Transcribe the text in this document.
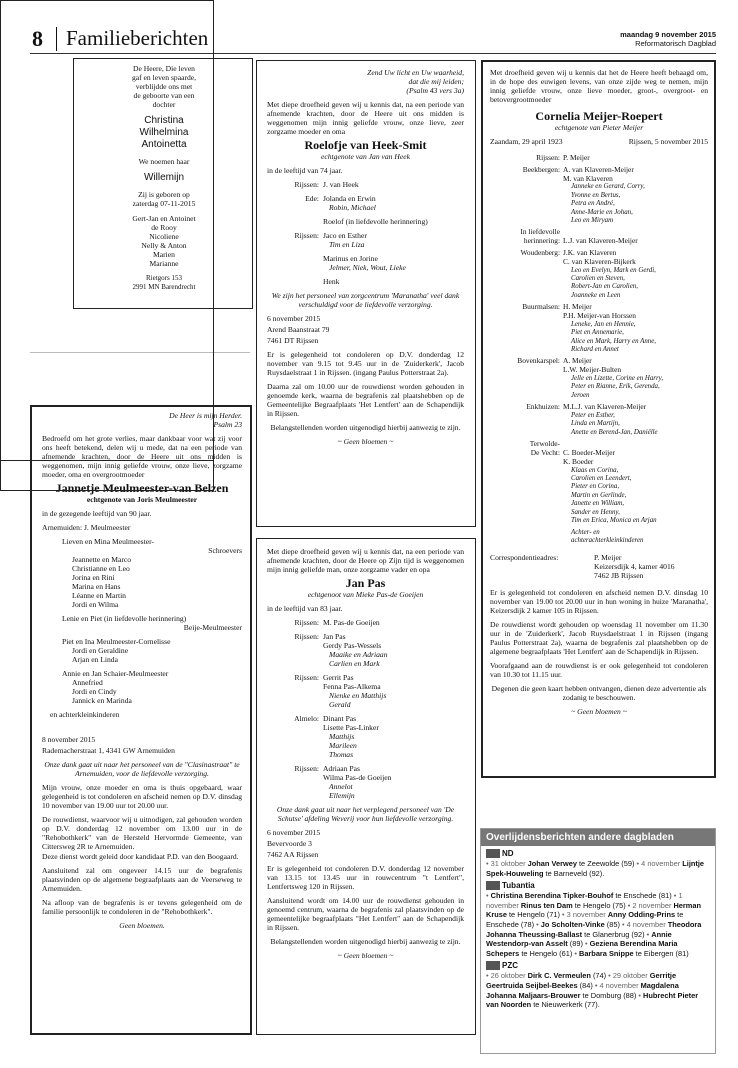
8 Familieberichten	maandag 9 november 2015
Reformatorisch Dagblad

De Heere, Die leven
gaf en leven spaarde,
verblijdde ons met
de geboorte van een
dochter

Christina
Wilhelmina
Antoinetta

We noemen haar

Willemijn

Zij is geboren op
zaterdag 07-11-2015

Gert-Jan en Antoinet
de Rooy
Nicoliene
Nelly & Anton
Marien
Marianne

Rietgors 153
2991 MN Barendrecht

De Heer is mijn Herder.
Psalm 23

Bedroefd om het grote verlies, maar dankbaar voor wat zij voor ons heeft betekend, delen wij u mede, dat na een periode van afnemende krachten, door de Heere uit ons midden is weggenomen, mijn innig geliefde vrouw, onze lieve, zorgzame moeder, oma en overgrootmoeder

Jannetje Meulmeester-van Belzen

echtgenote van Joris Meulmeester

in de gezegende leeftijd van 90 jaar.

Arnemuiden: J. Meulmeester

Lieven en Mina Meulmeester-
Schroevers
Jeannette en Marco
Christianne en Leo
Jorina en Rini
Marina en Hans
Léanne en Martin
Jordi en Wilma
Lenie en Piet (in liefdevolle herinnering)
Beije-Meulmeester
Piet en Ina Meulmeester-Cornelisse
Jordi en Geraldine
Arjan en Linda
Annie en Jan Schaier-Meulmeester
Annefried
Jordi en Cindy
Jannick en Marinda

en achterkleinkinderen

8 november 2015

Rademacherstraat 1, 4341 GW Arnemuiden

Onze dank gaat uit naar het personeel van de "Clasinastraat" te Arnemuiden, voor de liefdevolle verzorging.

Mijn vrouw, onze moeder en oma is thuis opgebaard, waar gelegenheid is tot condoleren en afscheid nemen op D.V. dinsdag 10 november van 19.00 uur tot 20.00 uur.

De rouwdienst, waarvoor wij u uitnodigen, zal gehouden worden op D.V. donderdag 12 november om 13.00 uur in de "Rehobothkerk" van de Hersteld Hervormde Gemeente, van Cittersweg 2R te Arnemuiden.

Deze dienst wordt geleid door kandidaat P.D. van den Boogaard.

Aansluitend zal om ongeveer 14.15 uur de begrafenis plaatsvinden op de algemene begraafplaats aan de Veerseweg te Arnemuiden.

Na afloop van de begrafenis is er tevens gelegenheid om de familie persoonlijk te condoleren in de "Rehobothkerk".

Geen bloemen.

Zend Uw licht en Uw waarheid,
dat die mij leiden;
(Psalm 43 vers 3a)

Met diepe droefheid geven wij u kennis dat, na een periode van afnemende krachten, door de Heere uit ons midden is weggenomen mijn innig geliefde vrouw, onze lieve, zeer zorgzame moeder en oma

Roelofje van Heek-Smit

echtgenote van Jan van Heek

in de leeftijd van 74 jaar.

Rijssen: J. van Heek
Ede: Jolanda en Erwin
Robin, Michael
Roelof (in liefdevolle herinnering)
Rijssen: Jaco en Esther
Tim en Liza
Marinus en Jorine
Jelmer, Niek, Wout, Lieke
Henk

We zijn het personeel van zorgcentrum 'Maranatha' veel dank verschuldigd voor de liefdevolle verzorging.

6 november 2015

Arend Baanstraat 79

7461 DT Rijssen

Er is gelegenheid tot condoleren op D.V. donderdag 12 november van 9.15 tot 9.45 uur in de 'Zuiderkerk', Jacob Ruysdaelstraat 1 in Rijssen. (ingang Paulus Potterstraat 2a).

Daarna zal om 10.00 uur de rouwdienst worden gehouden in genoemde kerk, waarna de begrafenis zal plaatshebben op de Gemeentelijke Begraafplaats 'Het Lentfert' aan de Schapendijk in Rijssen.

Belangstellenden worden uitgenodigd hierbij aanwezig te zijn.

~ Geen bloemen ~

Met diepe droefheid geven wij u kennis dat, na een periode van afnemende krachten, door de Heere op Zijn tijd is weggenomen mijn innig geliefde man, onze zorgzame vader en opa

Jan Pas

echtgenoot van Mieke Pas-de Goeijen

in de leeftijd van 83 jaar.

Rijssen: M. Pas-de Goeijen
Rijssen: Jan Pas
Gerdy Pas-Wessels
Maaike en Adriaan
Carlien en Mark
Rijssen: Gerrit Pas
Fenna Pas-Alkema
Nienke en Matthijs
Gerald
Almelo: Dinant Pas
Lisette Pas-Linker
Matthijs
Marileen
Thomas
Rijssen: Adriaan Pas
Wilma Pas-de Goeijen
Annelot
Ellemijn

Onze dank gaat uit naar het verplegend personeel van 'De Schutse' afdeling Weverij voor hun liefdevolle verzorging.

6 november 2015

Bevervoorde 3

7462 AA Rijssen

Er is gelegenheid tot condoleren D.V. donderdag 12 november van 13.15 tot 13.45 uur in rouwcentrum "t Lentfert", Lentfertsweg 120 in Rijssen.

Aansluitend wordt om 14.00 uur de rouwdienst gehouden in genoemd centrum, waarna de begrafenis zal plaatsvinden op de gemeentelijke begraafplaats "Het Lentfert" aan de Schapendijk in Rijssen.

Belangstellenden worden uitgenodigd hierbij aanwezig te zijn.

~ Geen bloemen ~

Met droefheid geven wij u kennis dat het de Heere heeft behaagd om, in de hope des euwigen levens, van onze zijde weg te nemen, mijn innig geliefde vrouw, onze lieve moeder, groot-, overgroot- en betovergrootmoeder

Cornelia Meijer-Roepert

echtgenote van Pieter Meijer

Zaandam, 29 april 1923	Rijssen, 5 november 2015

Rijssen: P. Meijer
Beekbergen: A. van Klaveren-Meijer
M. van Klaveren
Janneke en Gerard, Corry,
Yvonne en Bertus,
Petra en André,
Anne-Marie en Johan,
Leo en Miryam
In liefdevolle
herinnering: L.J. van Klaveren-Meijer
Woudenberg: J.K. van Klaveren
C. van Klaveren-Bijkerk
Leo en Evelyn, Mark en Gerdi,
Carolien en Steven,
Robert-Jan en Carolien,
Joanneke en Leen
Buurmalsen: H. Meijer
P.H. Meijer-van Horssen
Leneke, Jan en Hennie,
Piet en Annemarie,
Alice en Mark, Harry en Anne,
Richard en Annet
Bovenkarspel: A. Meijer
L.W. Meijer-Bulten
Jelle en Lizette, Corine en Harry,
Peter en Rianne, Erik, Gerenda,
Jeroen
Enkhuizen: M.L.J. van Klaveren-Meijer
Peter en Esther,
Linda en Martijn,
Anette en Berend-Jan, Daniëlle
Terwolde-
De Vecht: C. Boeder-Meijer
K. Boeder
Klaas en Corina,
Carolien en Leendert,
Pieter en Corina,
Martin en Gerlinde,
Janette en William,
Sander en Henny,
Tim en Erica, Monica en Arjan
Achter- en
achterachterkleinkinderen
Correspondentieadres:	P. Meijer
Keizersdijk 4, kamer 4016
7462 JB Rijssen

Er is gelegenheid tot condoleren en afscheid nemen D.V. dinsdag 10 november van 19.00 tot 20.00 uur in hun woning in huize 'Maranatha', Keizersdijk 2 kamer 105 in Rijssen.

De rouwdienst wordt gehouden op woensdag 11 november om 11.30 uur in de 'Zuiderkerk', Jacob Ruysdaelstraat 1 in Rijssen (ingang Paulus Potterstraat 2a), waarna de begrafenis zal plaatshebben op de algemene begraafplaats 'Het Lentfert' aan de Schapendijk in Rijssen.

Voorafgaand aan de rouwdienst is er ook gelegenheid tot condoleren van 10.30 tot 11.15 uur.

Degenen die geen kaart hebben ontvangen, dienen deze advertentie als zodanig te beschouwen.

~ Geen bloemen ~

Overlijdensberichten andere dagbladen
ND
• 31 oktober Johan Verwey te Zeewolde (59) • 4 november Lijntje Spek-Houweling te Barneveld (92).
Tubantia
• Christina Berendina Tipker-Bouhof te Enschede (81) • 1 november Rinus ten Dam te Hengelo (75) • 2 november Herman Kruse te Hengelo (71) • 3 november Anny Odding-Prins te Enschede (78) • Jo Scholten-Vinke (85) • 4 november Theodora Johanna Theussing-Ballast te Glanerbrug (92) • Annie Westendorp-van Asselt (89) • Geziena Berendina Maria Schepers te Hengelo (61) • Barbara Snippe te Eibergen (81)
PZC
• 26 oktober Dirk C. Vermeulen (74) • 29 oktober Gerritje Geertruida Seijbel-Beekes (84) • 4 november Magdalena Johanna Maljaars-Brouwer te Domburg (88) • Hubrecht Pieter van Noorden te Nieuwerkerk (77).
